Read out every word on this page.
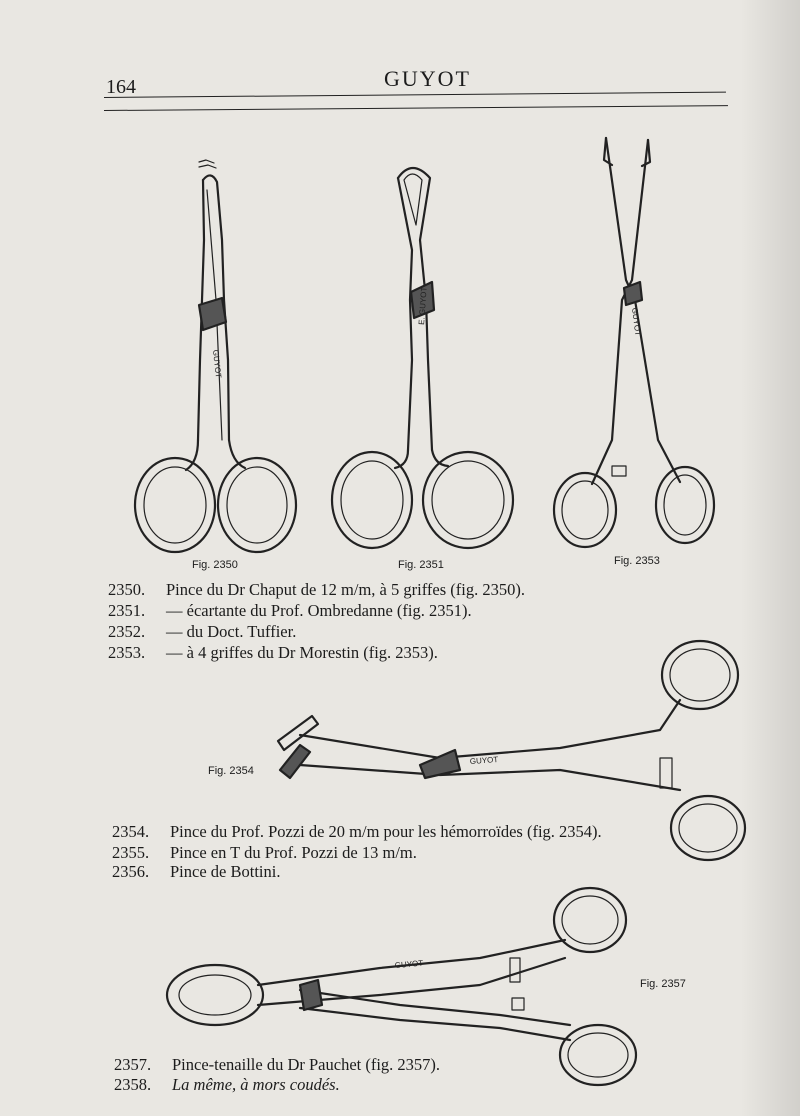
164	GUYOT
GUYOT
E. GUYOT	GUYOT
GUYOT
GUYOT
Fig. 2350	Fig. 2351	Fig. 2353
Fig. 2354
Fig. 2357
2350. Pince du Dr Chaput de 12 m/m, à 5 griffes (fig. 2350).
2351. — écartante du Prof. Ombredanne (fig. 2351).
2352. — du Doct. Tuffier.
2353. — à 4 griffes du Dr Morestin (fig. 2353).
2354. Pince du Prof. Pozzi de 20 m/m pour les hémorroïdes (fig. 2354).
2355. Pince en T du Prof. Pozzi de 13 m/m.
2356. Pince de Bottini.
2357. Pince-tenaille du Dr Pauchet (fig. 2357).
2358. La même, à mors coudés.
